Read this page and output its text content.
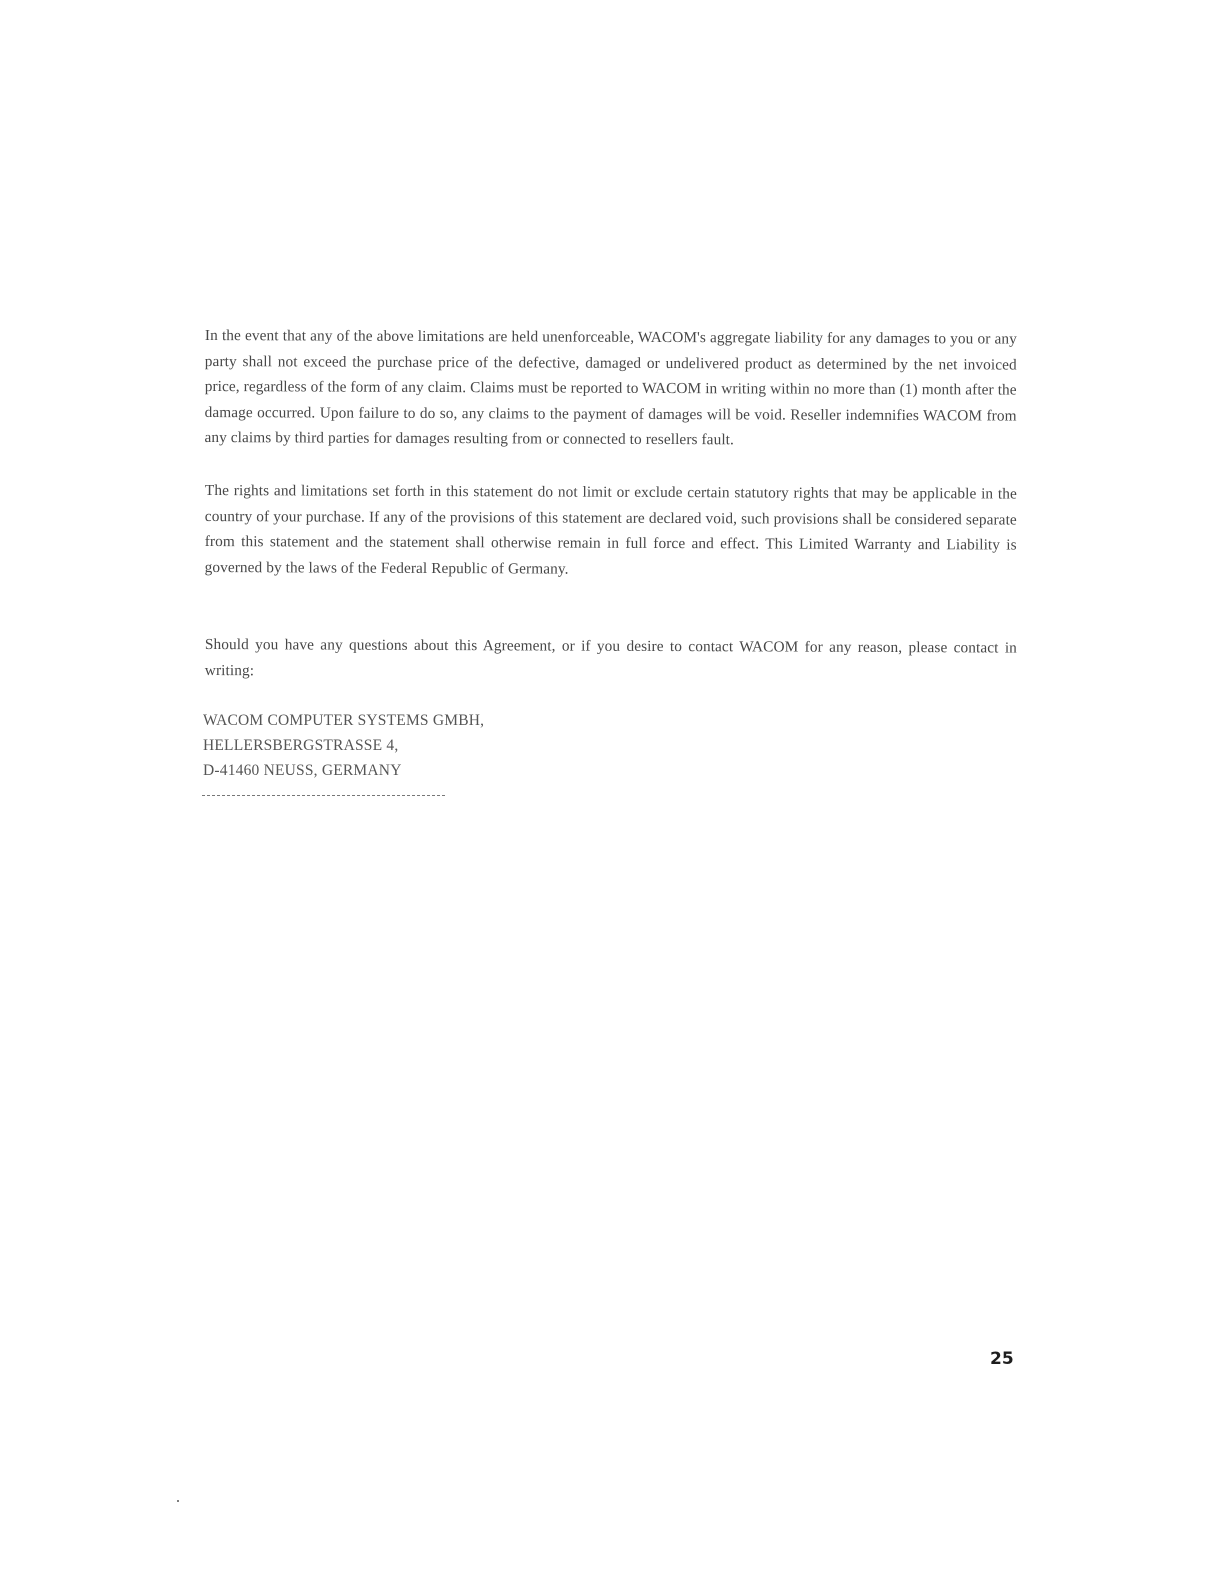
In the event that any of the above limitations are held unenforceable, WACOM's aggregate liability for any damages to you or any party shall not exceed the purchase price of the defective, damaged or undelivered product as determined by the net invoiced price, regardless of the form of any claim. Claims must be reported to WACOM in writing within no more than (1) month after the damage occurred. Upon failure to do so, any claims to the payment of damages will be void. Reseller indemnifies WACOM from any claims by third parties for damages resulting from or connected to resellers fault.

The rights and limitations set forth in this statement do not limit or exclude certain statutory rights that may be applicable in the country of your purchase. If any of the provisions of this statement are declared void, such provisions shall be considered separate from this statement and the statement shall otherwise remain in full force and effect. This Limited Warranty and Liability is governed by the laws of the Federal Republic of Germany.

Should you have any questions about this Agreement, or if you desire to contact WACOM for any reason, please contact in writing:

WACOM COMPUTER SYSTEMS GMBH,
HELLERSBERGSTRASSE 4,
D-41460 NEUSS, GERMANY
25
